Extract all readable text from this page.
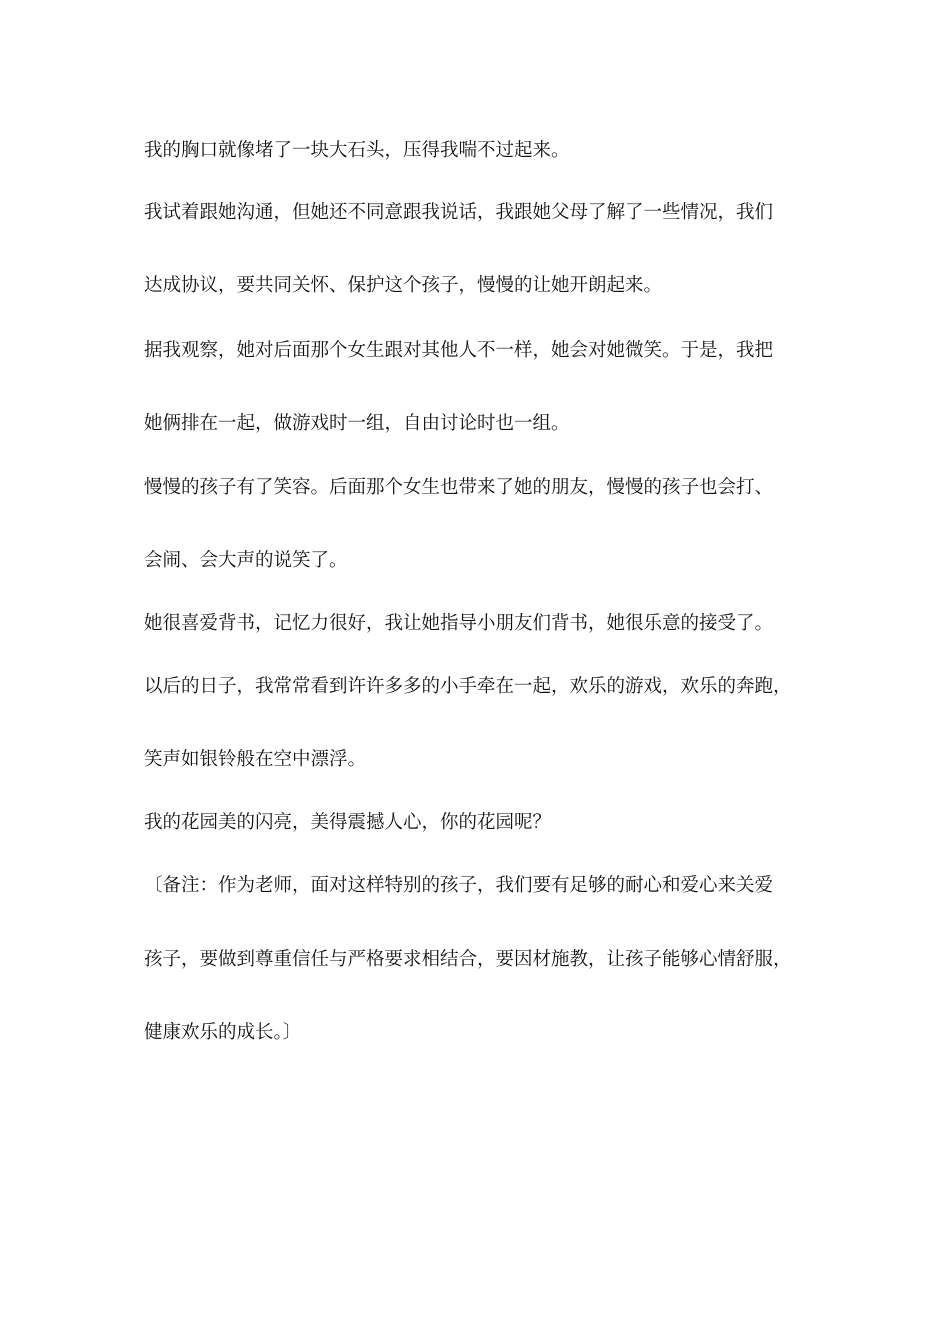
我的胸口就像堵了一块大石头，压得我喘不过起来。
我试着跟她沟通，但她还不同意跟我说话，我跟她父母了解了一些情况，我们
达成协议，要共同关怀、保护这个孩子，慢慢的让她开朗起来。
据我观察，她对后面那个女生跟对其他人不一样，她会对她微笑。于是，我把
她俩排在一起，做游戏时一组，自由讨论时也一组。
慢慢的孩子有了笑容。后面那个女生也带来了她的朋友，慢慢的孩子也会打、
会闹、会大声的说笑了。
她很喜爱背书，记忆力很好，我让她指导小朋友们背书，她很乐意的接受了。
以后的日子，我常常看到许许多多的小手牵在一起，欢乐的游戏，欢乐的奔跑，
笑声如银铃般在空中漂浮。
我的花园美的闪亮，美得震撼人心，你的花园呢？
〔备注：作为老师，面对这样特别的孩子，我们要有足够的耐心和爱心来关爱
孩子，要做到尊重信任与严格要求相结合，要因材施教，让孩子能够心情舒服，
健康欢乐的成长。〕
